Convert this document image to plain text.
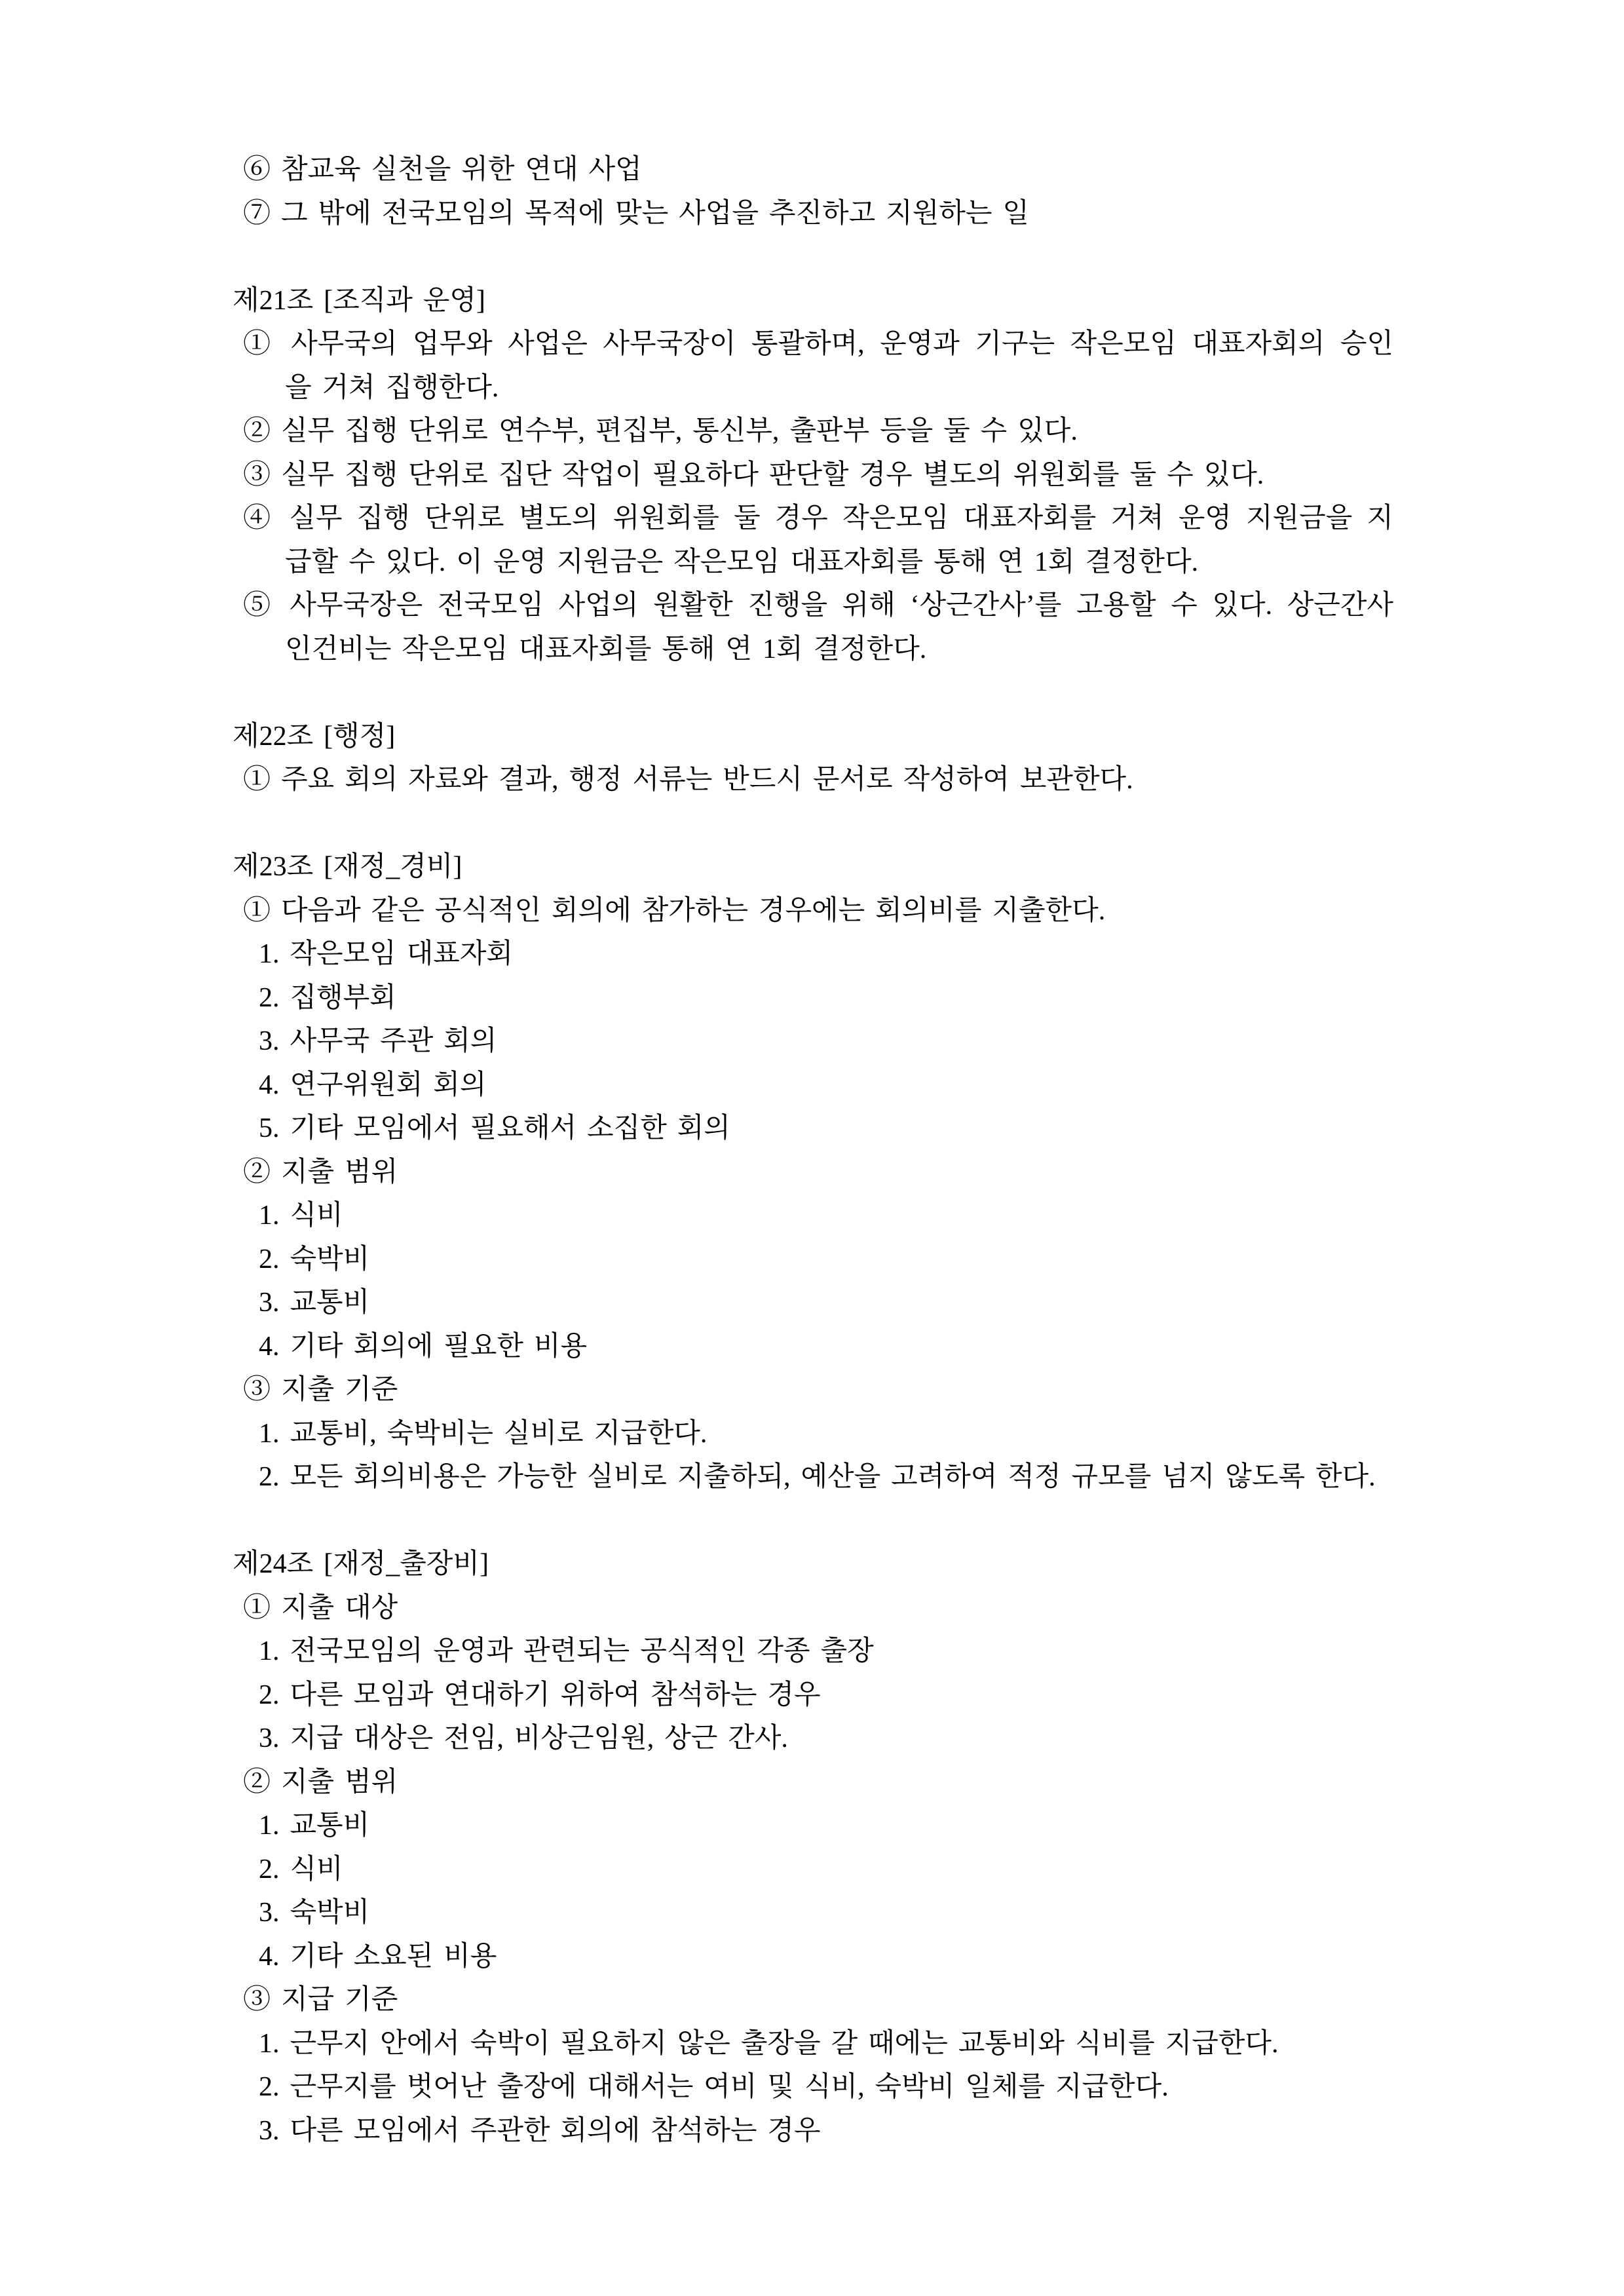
⑥ 참교육 실천을 위한 연대 사업
⑦ 그 밖에 전국모임의 목적에 맞는 사업을 추진하고 지원하는 일
제21조 [조직과 운영]
① 사무국의 업무와 사업은 사무국장이 통괄하며, 운영과 기구는 작은모임 대표자회의 승인
을 거쳐 집행한다.
② 실무 집행 단위로 연수부, 편집부, 통신부, 출판부 등을 둘 수 있다.
③ 실무 집행 단위로 집단 작업이 필요하다 판단할 경우 별도의 위원회를 둘 수 있다.
④ 실무 집행 단위로 별도의 위원회를 둘 경우 작은모임 대표자회를 거쳐 운영 지원금을 지
급할 수 있다. 이 운영 지원금은 작은모임 대표자회를 통해 연 1회 결정한다.
⑤ 사무국장은 전국모임 사업의 원활한 진행을 위해 ‘상근간사’를 고용할 수 있다. 상근간사
인건비는 작은모임 대표자회를 통해 연 1회 결정한다.
제22조 [행정]
① 주요 회의 자료와 결과, 행정 서류는 반드시 문서로 작성하여 보관한다.
제23조 [재정_경비]
① 다음과 같은 공식적인 회의에 참가하는 경우에는 회의비를 지출한다.
1. 작은모임 대표자회
2. 집행부회
3. 사무국 주관 회의
4. 연구위원회 회의
5. 기타 모임에서 필요해서 소집한 회의
② 지출 범위
1. 식비
2. 숙박비
3. 교통비
4. 기타 회의에 필요한 비용
③ 지출 기준
1. 교통비, 숙박비는 실비로 지급한다.
2. 모든 회의비용은 가능한 실비로 지출하되, 예산을 고려하여 적정 규모를 넘지 않도록 한다.
제24조 [재정_출장비]
① 지출 대상
1. 전국모임의 운영과 관련되는 공식적인 각종 출장
2. 다른 모임과 연대하기 위하여 참석하는 경우
3. 지급 대상은 전임, 비상근임원, 상근 간사.
② 지출 범위
1. 교통비
2. 식비
3. 숙박비
4. 기타 소요된 비용
③ 지급 기준
1. 근무지 안에서 숙박이 필요하지 않은 출장을 갈 때에는 교통비와 식비를 지급한다.
2. 근무지를 벗어난 출장에 대해서는 여비 및 식비, 숙박비 일체를 지급한다.
3. 다른 모임에서 주관한 회의에 참석하는 경우
